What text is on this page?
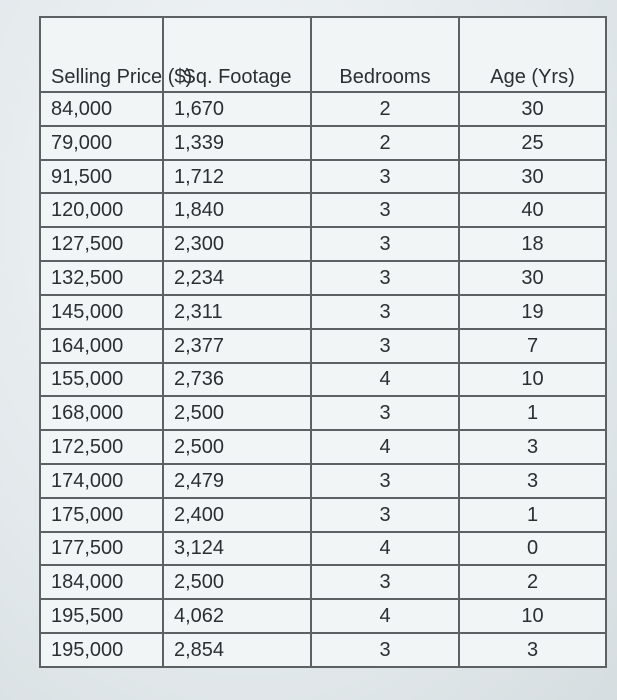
Selling Price ($)	Sq. Footage	Bedrooms	Age (Yrs)
84,000	1,670	2	30
79,000	1,339	2	25
91,500	1,712	3	30
120,000	1,840	3	40
127,500	2,300	3	18
132,500	2,234	3	30
145,000	2,311	3	19
164,000	2,377	3	7
155,000	2,736	4	10
168,000	2,500	3	1
172,500	2,500	4	3
174,000	2,479	3	3
175,000	2,400	3	1
177,500	3,124	4	0
184,000	2,500	3	2
195,500	4,062	4	10
195,000	2,854	3	3
